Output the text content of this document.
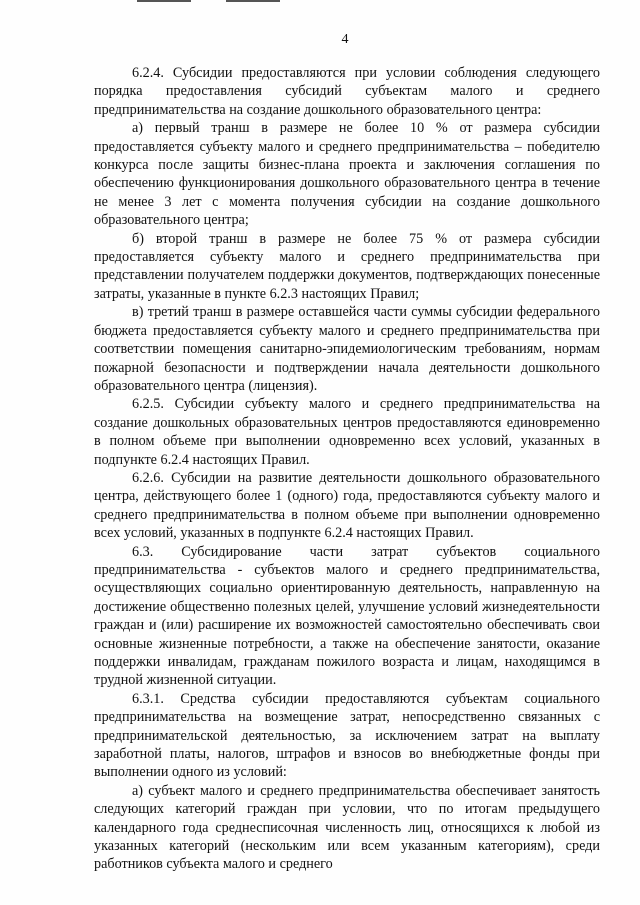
4

6.2.4. Субсидии предоставляются при условии соблюдения следующего порядка предоставления субсидий субъектам малого и среднего предпринимательства на создание дошкольного образовательного центра:

а) первый транш в размере не более 10 % от размера субсидии предоставляется субъекту малого и среднего предпринимательства – победителю конкурса после защиты бизнес-плана проекта и заключения соглашения по обеспечению функционирования дошкольного образовательного центра в течение не менее 3 лет с момента получения субсидии на создание дошкольного образовательного центра;

б) второй транш в размере не более 75 % от размера субсидии предоставляется субъекту малого и среднего предпринимательства при представлении получателем поддержки документов, подтверждающих понесенные затраты, указанные в пункте 6.2.3 настоящих Правил;

в) третий транш в размере оставшейся части суммы субсидии федерального бюджета предоставляется субъекту малого и среднего предпринимательства при соответствии помещения санитарно-эпидемиологическим требованиям, нормам пожарной безопасности и подтверждении начала деятельности дошкольного образовательного центра (лицензия).

6.2.5. Субсидии субъекту малого и среднего предпринимательства на создание дошкольных образовательных центров предоставляются единовременно в полном объеме при выполнении одновременно всех условий, указанных в подпункте 6.2.4 настоящих Правил.

6.2.6. Субсидии на развитие деятельности дошкольного образовательного центра, действующего более 1 (одного) года, предоставляются субъекту малого и среднего предпринимательства в полном объеме при выполнении одновременно всех условий, указанных в подпункте 6.2.4 настоящих Правил.

6.3. Субсидирование части затрат субъектов социального предпринимательства - субъектов малого и среднего предпринимательства, осуществляющих социально ориентированную деятельность, направленную на достижение общественно полезных целей, улучшение условий жизнедеятельности граждан и (или) расширение их возможностей самостоятельно обеспечивать свои основные жизненные потребности, а также на обеспечение занятости, оказание поддержки инвалидам, гражданам пожилого возраста и лицам, находящимся в трудной жизненной ситуации.

6.3.1. Средства субсидии предоставляются субъектам социального предпринимательства на возмещение затрат, непосредственно связанных с предпринимательской деятельностью, за исключением затрат на выплату заработной платы, налогов, штрафов и взносов во внебюджетные фонды при выполнении одного из условий:

а) субъект малого и среднего предпринимательства обеспечивает занятость следующих категорий граждан при условии, что по итогам предыдущего календарного года среднесписочная численность лиц, относящихся к любой из указанных категорий (нескольким или всем указанным категориям), среди работников субъекта малого и среднего
